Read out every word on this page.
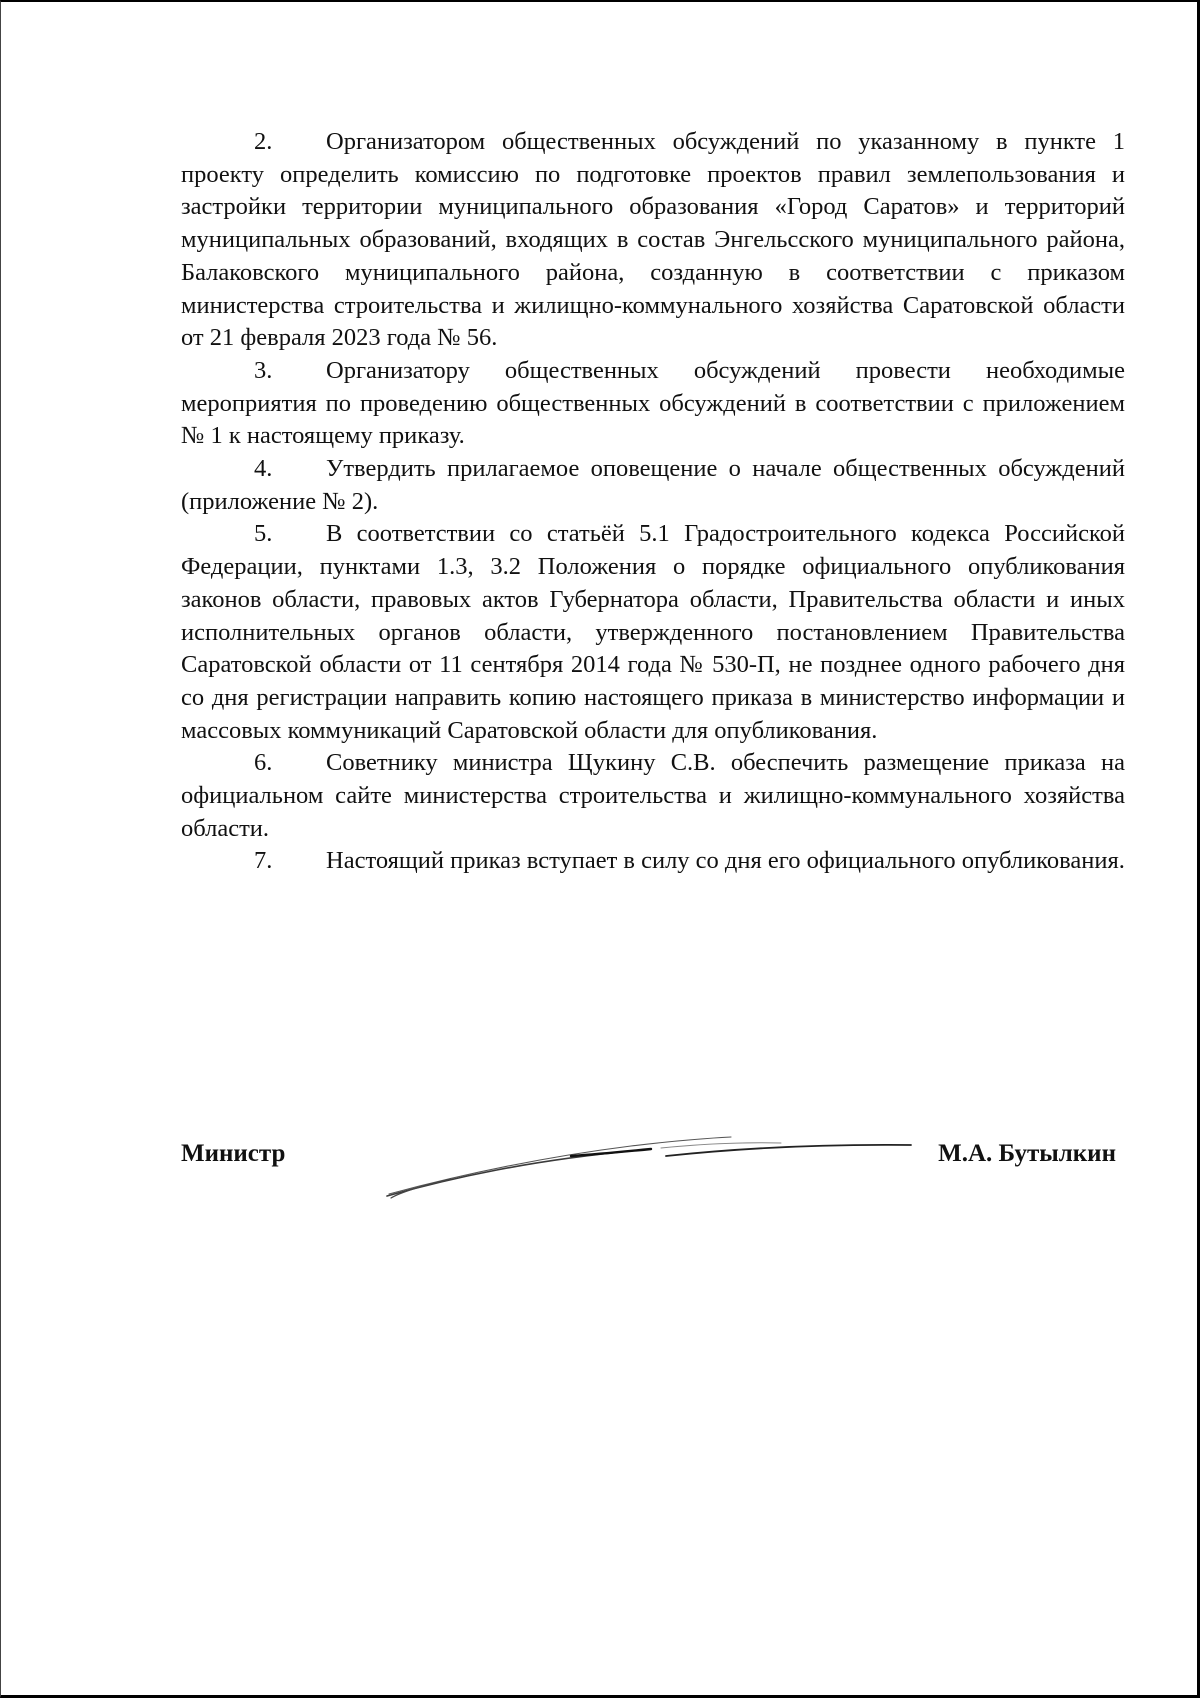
2. Организатором общественных обсуждений по указанному в пункте 1 проекту определить комиссию по подготовке проектов правил землепользования и застройки территории муниципального образования «Город Саратов» и территорий муниципальных образований, входящих в состав Энгельсского муниципального района, Балаковского муниципального района, созданную в соответствии с приказом министерства строительства и жилищно-коммунального хозяйства Саратовской области от 21 февраля 2023 года № 56.

3. Организатору общественных обсуждений провести необходимые мероприятия по проведению общественных обсуждений в соответствии с приложением № 1 к настоящему приказу.

4. Утвердить прилагаемое оповещение о начале общественных обсуждений (приложение № 2).

5. В соответствии со статьёй 5.1 Градостроительного кодекса Российской Федерации, пунктами 1.3, 3.2 Положения о порядке официального опубликования законов области, правовых актов Губернатора области, Правительства области и иных исполнительных органов области, утвержденного постановлением Правительства Саратовской области от 11 сентября 2014 года № 530-П, не позднее одного рабочего дня со дня регистрации направить копию настоящего приказа в министерство информации и массовых коммуникаций Саратовской области для опубликования.

6. Советнику министра Щукину С.В. обеспечить размещение приказа на официальном сайте министерства строительства и жилищно-коммунального хозяйства области.

7. Настоящий приказ вступает в силу со дня его официального опубликования.

Министр	М.А. Бутылкин
